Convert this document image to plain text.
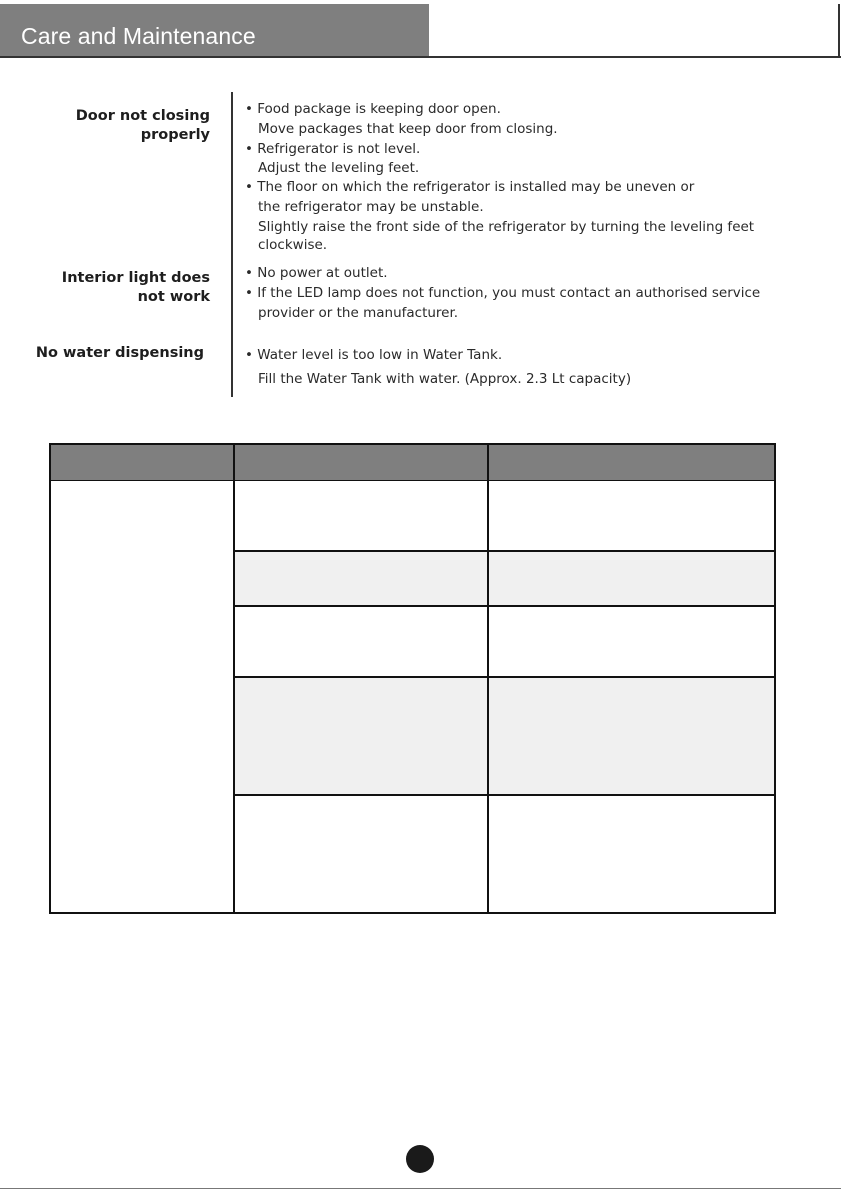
Care and Maintenance
Door not closing
properly
• Food package is keeping door open.
Move packages that keep door from closing.
• Refrigerator is not level.
Adjust the leveling feet.
• The floor on which the refrigerator is installed may be uneven or
the refrigerator may be unstable.
Slightly raise the front side of the refrigerator by turning the leveling feet
clockwise.
Interior light does
not work
• No power at outlet.
• If the LED lamp does not function, you must contact an authorised service
provider or the manufacturer.
No water dispensing	• Water level is too low in Water Tank.
Fill the Water Tank with water. (Approx. 2.3 Lt capacity)
